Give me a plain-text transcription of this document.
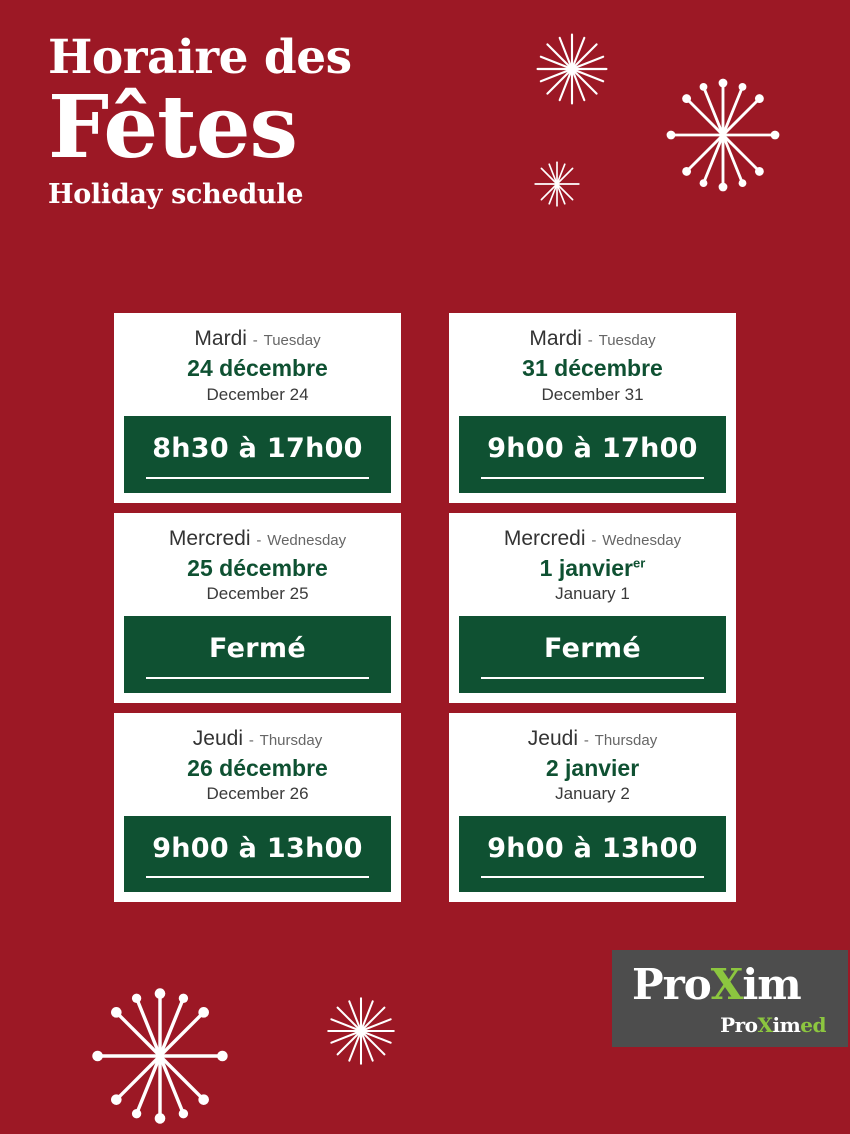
Horaire des
Fêtes
Holiday schedule
Mardi - Tuesday
24 décembre
December 24
8h30 à 17h00
Mardi - Tuesday
31 décembre
December 31
9h00 à 17h00
Mercredi - Wednesday
25 décembre
December 25
Fermé
Mercredi - Wednesday
1 janvier$^{er}$
January 1
Fermé
Jeudi - Thursday
26 décembre
December 26
9h00 à 13h00
Jeudi - Thursday
2 janvier
January 2
9h00 à 13h00
ProXim
ProXimed
